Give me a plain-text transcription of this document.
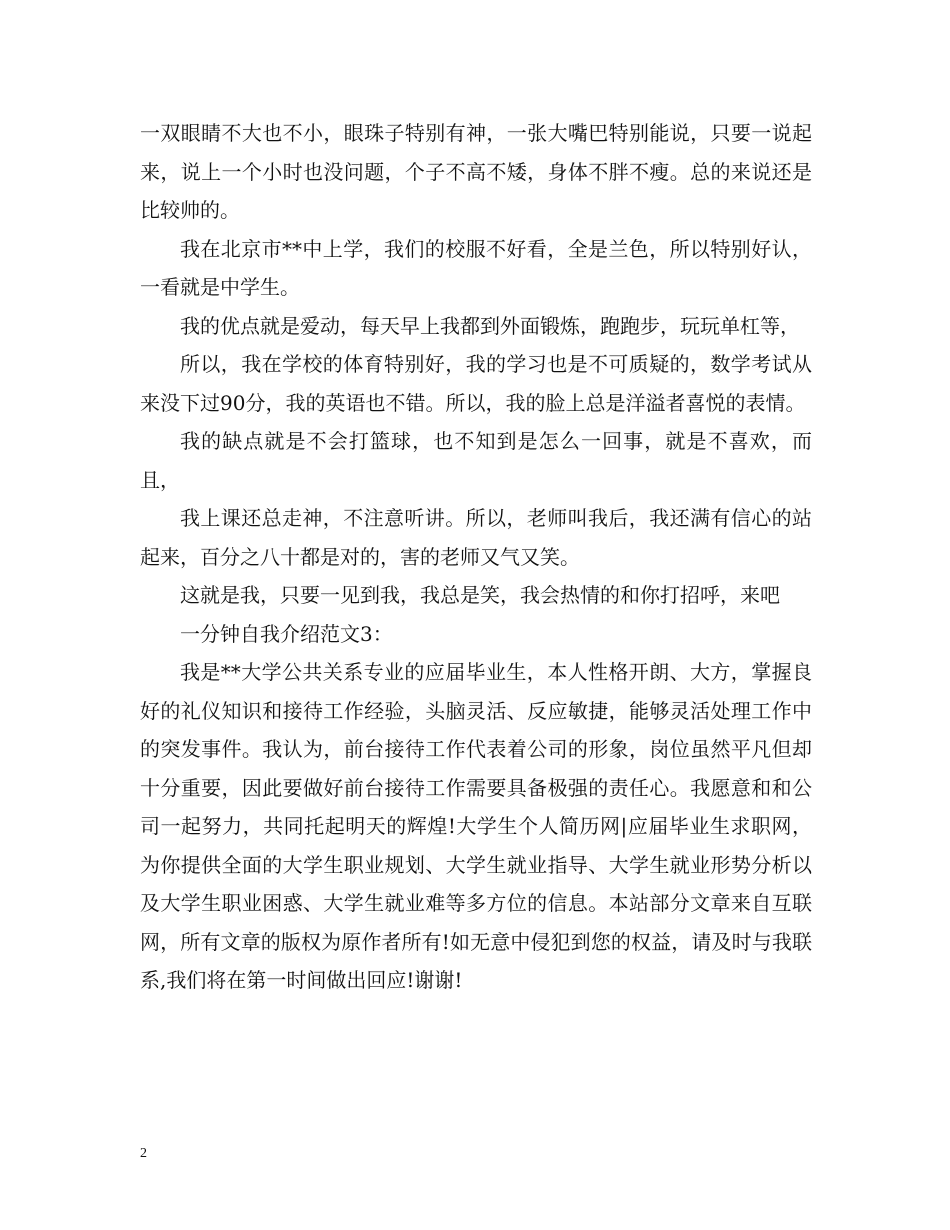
一双眼睛不大也不小，眼珠子特别有神，一张大嘴巴特别能说，只要一说起来，说上一个小时也没问题，个子不高不矮，身体不胖不瘦。总的来说还是比较帅的。

我在北京市**中上学，我们的校服不好看，全是兰色，所以特别好认，一看就是中学生。

我的优点就是爱动，每天早上我都到外面锻炼，跑跑步，玩玩单杠等，

所以，我在学校的体育特别好，我的学习也是不可质疑的，数学考试从来没下过90分，我的英语也不错。所以，我的脸上总是洋溢者喜悦的表情。

我的缺点就是不会打篮球，也不知到是怎么一回事，就是不喜欢，而且，

我上课还总走神，不注意听讲。所以，老师叫我后，我还满有信心的站起来，百分之八十都是对的，害的老师又气又笑。

这就是我，只要一见到我，我总是笑，我会热情的和你打招呼，来吧

一分钟自我介绍范文3：

我是**大学公共关系专业的应届毕业生，本人性格开朗、大方，掌握良好的礼仪知识和接待工作经验，头脑灵活、反应敏捷，能够灵活处理工作中的突发事件。我认为，前台接待工作代表着公司的形象，岗位虽然平凡但却十分重要，因此要做好前台接待工作需要具备极强的责任心。我愿意和和公司一起努力，共同托起明天的辉煌!大学生个人简历网|应届毕业生求职网，为你提供全面的大学生职业规划、大学生就业指导、大学生就业形势分析以及大学生职业困惑、大学生就业难等多方位的信息。本站部分文章来自互联网，所有文章的版权为原作者所有!如无意中侵犯到您的权益，请及时与我联系,我们将在第一时间做出回应!谢谢!

2
